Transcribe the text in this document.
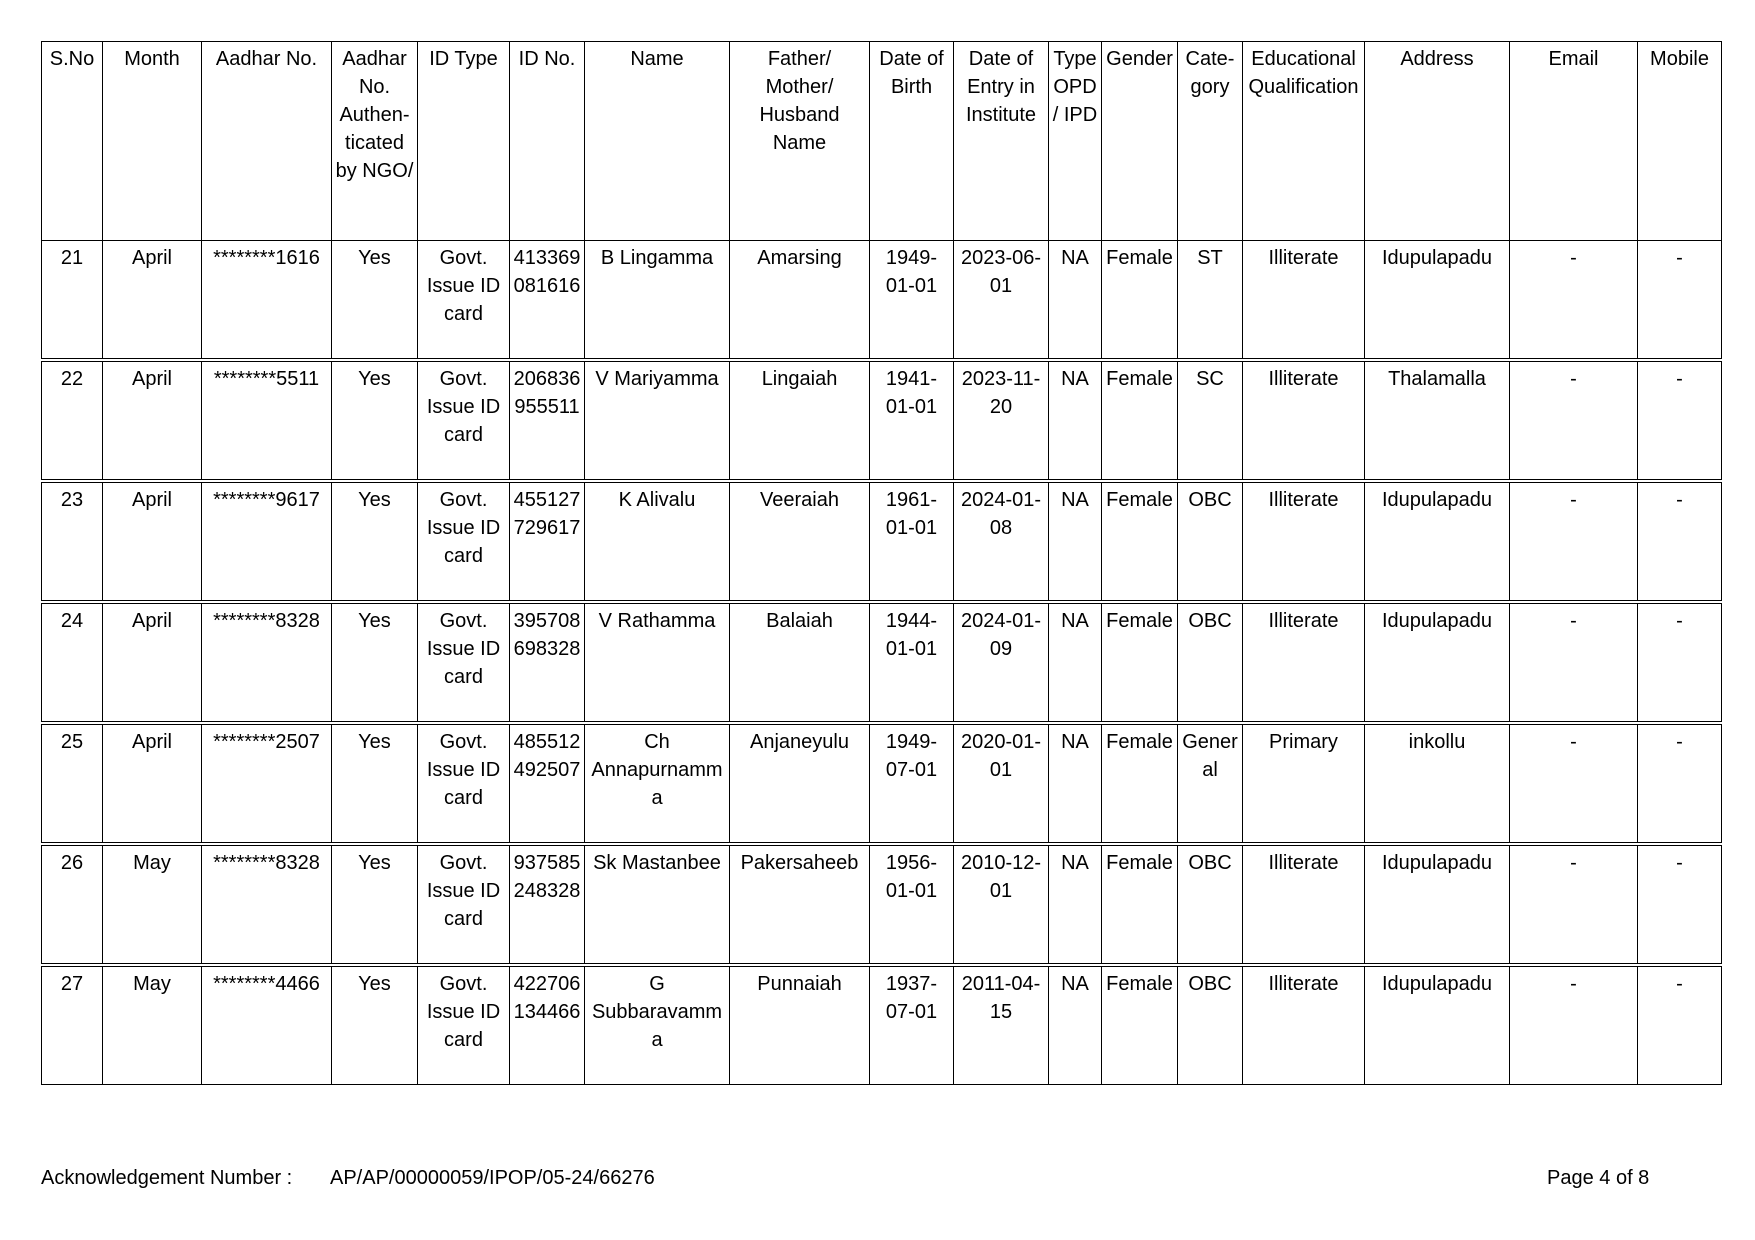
S.No	Month	Aadhar No.	Aadhar No. Authen- ticated by NGO/	ID Type	ID No.	Name	Father/ Mother/ Husband Name	Date of Birth	Date of Entry in Institute	Type OPD / IPD	Gender	Cate- gory	Educational Qualification	Address	Email	Mobile
21	April	********1616	Yes	Govt. Issue ID card	413369 081616	B Lingamma	Amarsing	1949- 01-01	2023-06- 01	NA	Female	ST	Illiterate	Idupulapadu	-	-
22	April	********5511	Yes	Govt. Issue ID card	206836 955511	V Mariyamma	Lingaiah	1941- 01-01	2023-11- 20	NA	Female	SC	Illiterate	Thalamalla	-	-
23	April	********9617	Yes	Govt. Issue ID card	455127 729617	K Alivalu	Veeraiah	1961- 01-01	2024-01- 08	NA	Female	OBC	Illiterate	Idupulapadu	-	-
24	April	********8328	Yes	Govt. Issue ID card	395708 698328	V Rathamma	Balaiah	1944- 01-01	2024-01- 09	NA	Female	OBC	Illiterate	Idupulapadu	-	-
25	April	********2507	Yes	Govt. Issue ID card	485512 492507	Ch Annapurnamm a	Anjaneyulu	1949- 07-01	2020-01- 01	NA	Female	Gener al	Primary	inkollu	-	-
26	May	********8328	Yes	Govt. Issue ID card	937585 248328	Sk Mastanbee	Pakersaheeb	1956- 01-01	2010-12- 01	NA	Female	OBC	Illiterate	Idupulapadu	-	-
27	May	********4466	Yes	Govt. Issue ID card	422706 134466	G Subbaravamm a	Punnaiah	1937- 07-01	2011-04- 15	NA	Female	OBC	Illiterate	Idupulapadu	-	-
Acknowledgement Number : AP/AP/00000059/IPOP/05-24/66276	Page 4 of 8
